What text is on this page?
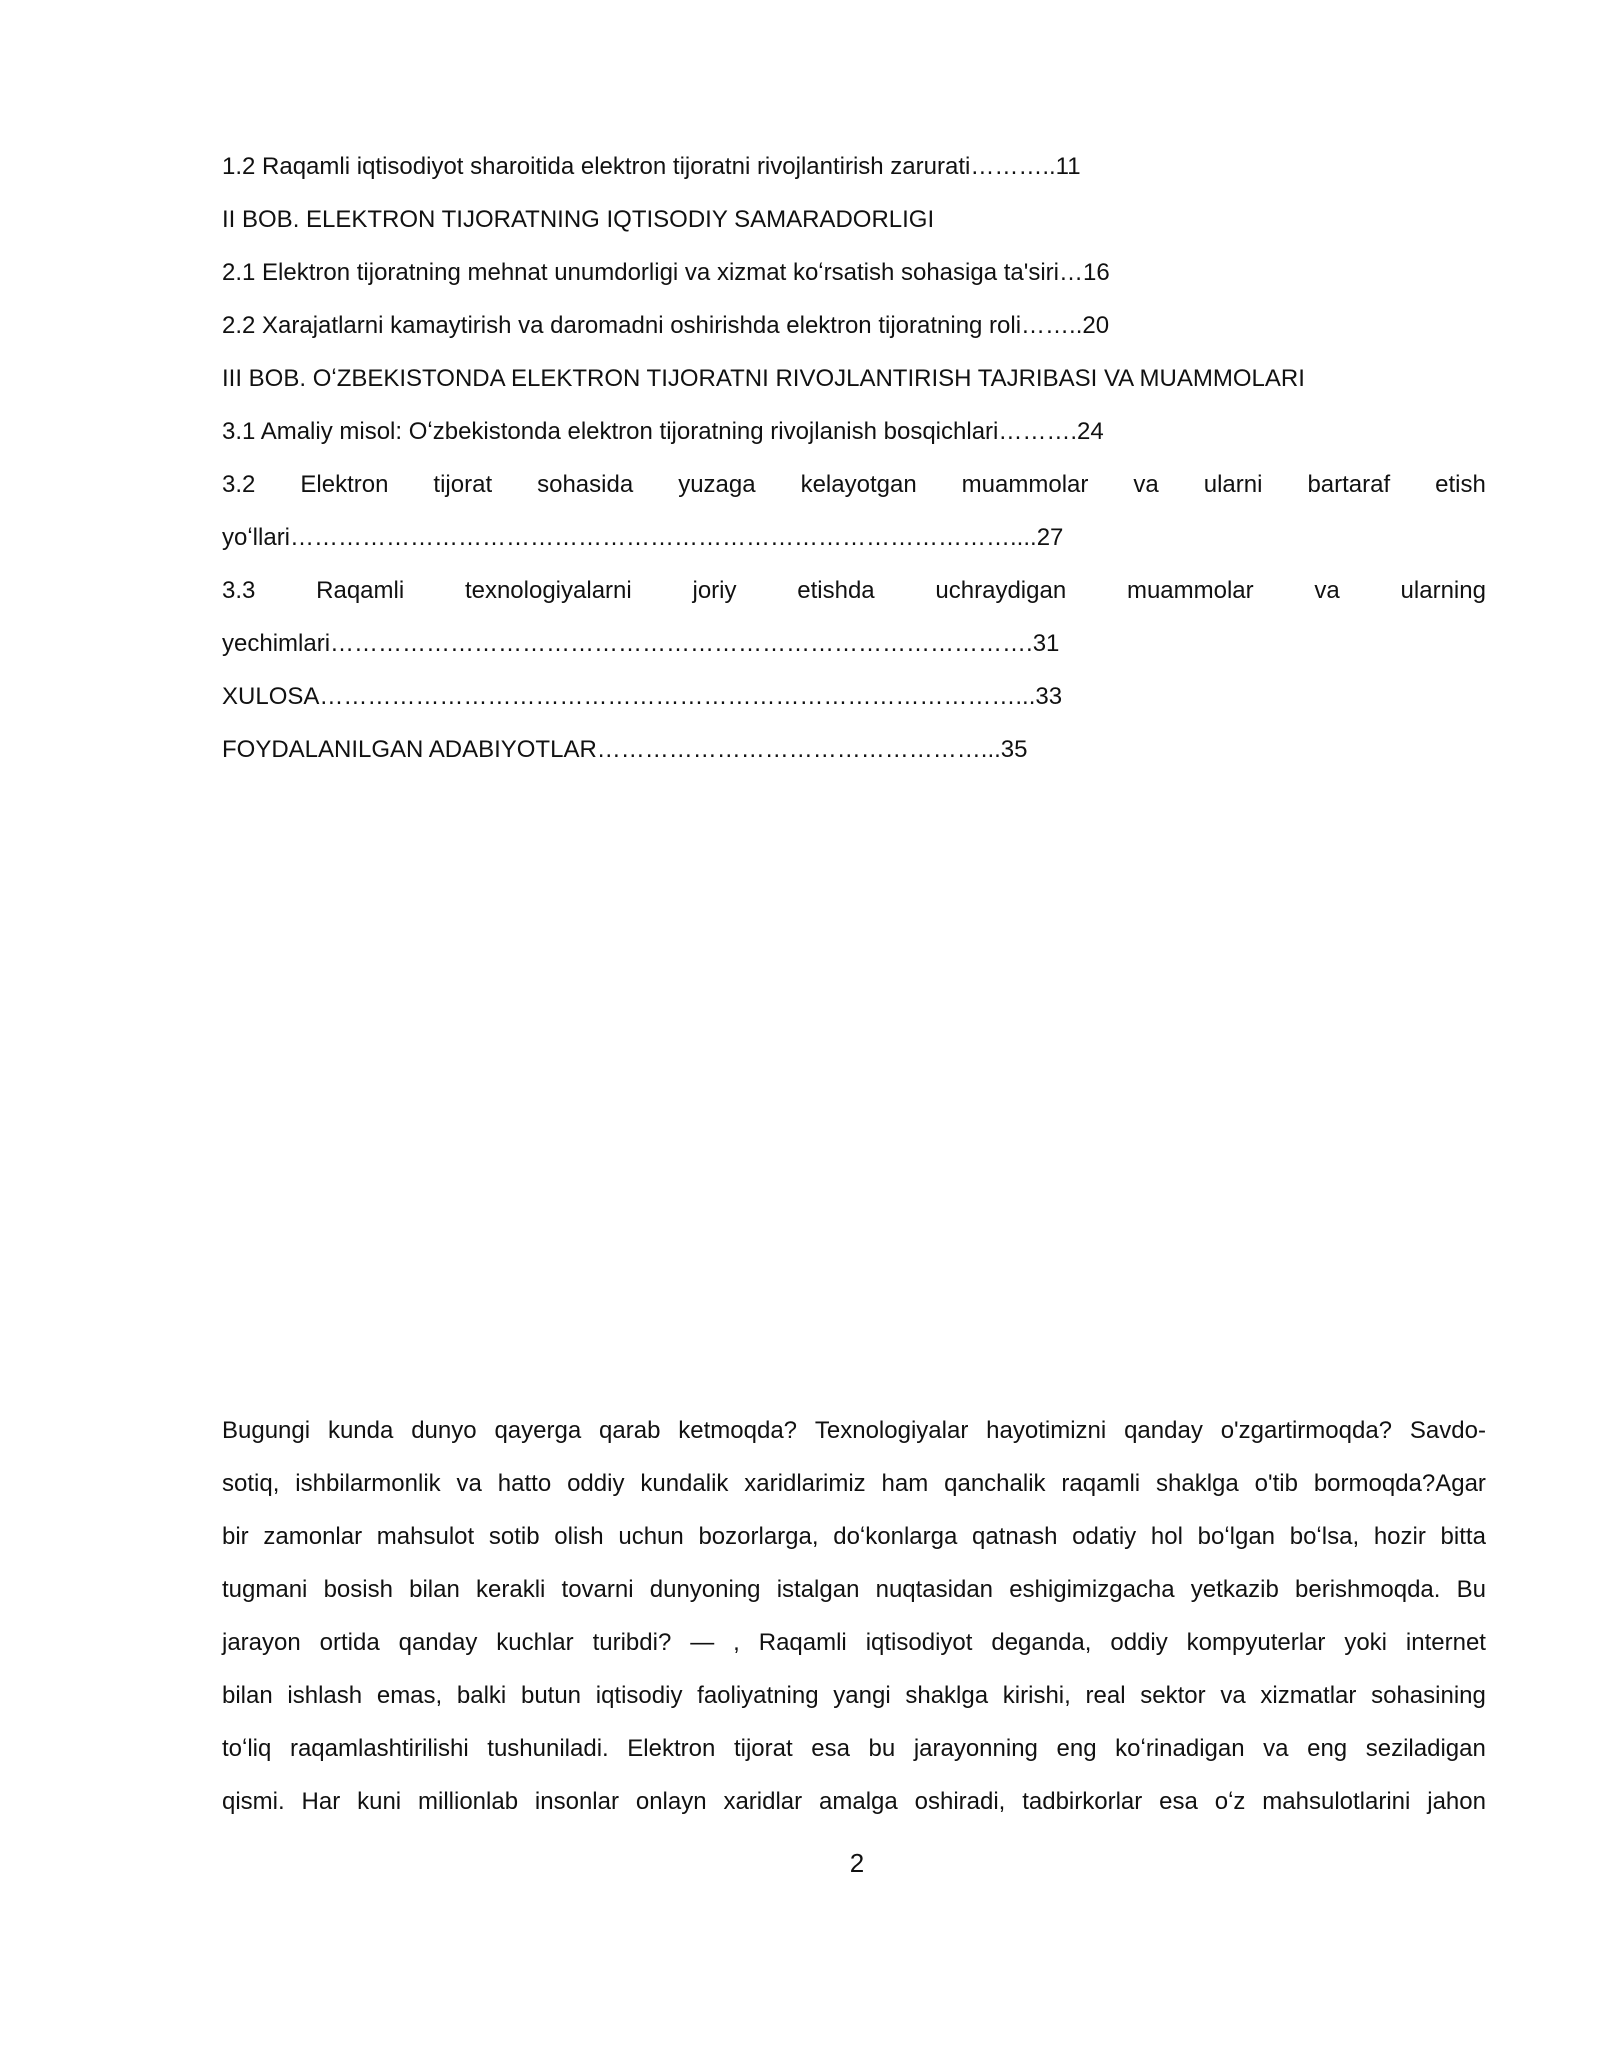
1.2 Raqamli iqtisodiyot sharoitida elektron tijoratni rivojlantirish zarurati………..11
II BOB. ELEKTRON TIJORATNING IQTISODIY SAMARADORLIGI
2.1 Elektron tijoratning mehnat unumdorligi va xizmat koʻrsatish sohasiga ta'siri…16
2.2 Xarajatlarni kamaytirish va daromadni oshirishda elektron tijoratning roli……..20
III BOB. OʻZBEKISTONDA ELEKTRON TIJORATNI RIVOJLANTIRISH TAJRIBASI VA MUAMMOLARI
3.1 Amaliy misol: Oʻzbekistonda elektron tijoratning rivojlanish bosqichlari……….24
3.2 Elektron tijorat sohasida yuzaga kelayotgan muammolar va ularni bartaraf etish
yoʻllari………………………………………………………………………………....27
3.3	Raqamli	texnologiyalarni	joriy	etishda	uchraydigan	muammolar	va	ularning
yechimlari…………………………………………………………………………….31
XULOSA……………………………………………………………………………...33
FOYDALANILGAN ADABIYOTLAR…………………………………………...35
Bugungi kunda dunyo qayerga qarab ketmoqda? Texnologiyalar hayotimizni qanday o'zgartirmoqda? Savdo-
sotiq, ishbilarmonlik va hatto oddiy kundalik xaridlarimiz ham qanchalik raqamli shaklga o'tib bormoqda?Agar
bir zamonlar mahsulot sotib olish uchun bozorlarga, doʻkonlarga qatnash odatiy hol boʻlgan boʻlsa, hozir bitta
tugmani bosish bilan kerakli tovarni dunyoning istalgan nuqtasidan eshigimizgacha yetkazib berishmoqda. Bu
jarayon ortida qanday kuchlar turibdi? — , Raqamli iqtisodiyot deganda, oddiy kompyuterlar yoki internet
bilan ishlash emas, balki butun iqtisodiy faoliyatning yangi shaklga kirishi, real sektor va xizmatlar sohasining
toʻliq raqamlashtirilishi tushuniladi. Elektron tijorat esa bu jarayonning eng koʻrinadigan va eng seziladigan
qismi. Har kuni millionlab insonlar onlayn xaridlar amalga oshiradi, tadbirkorlar esa oʻz mahsulotlarini jahon
2
